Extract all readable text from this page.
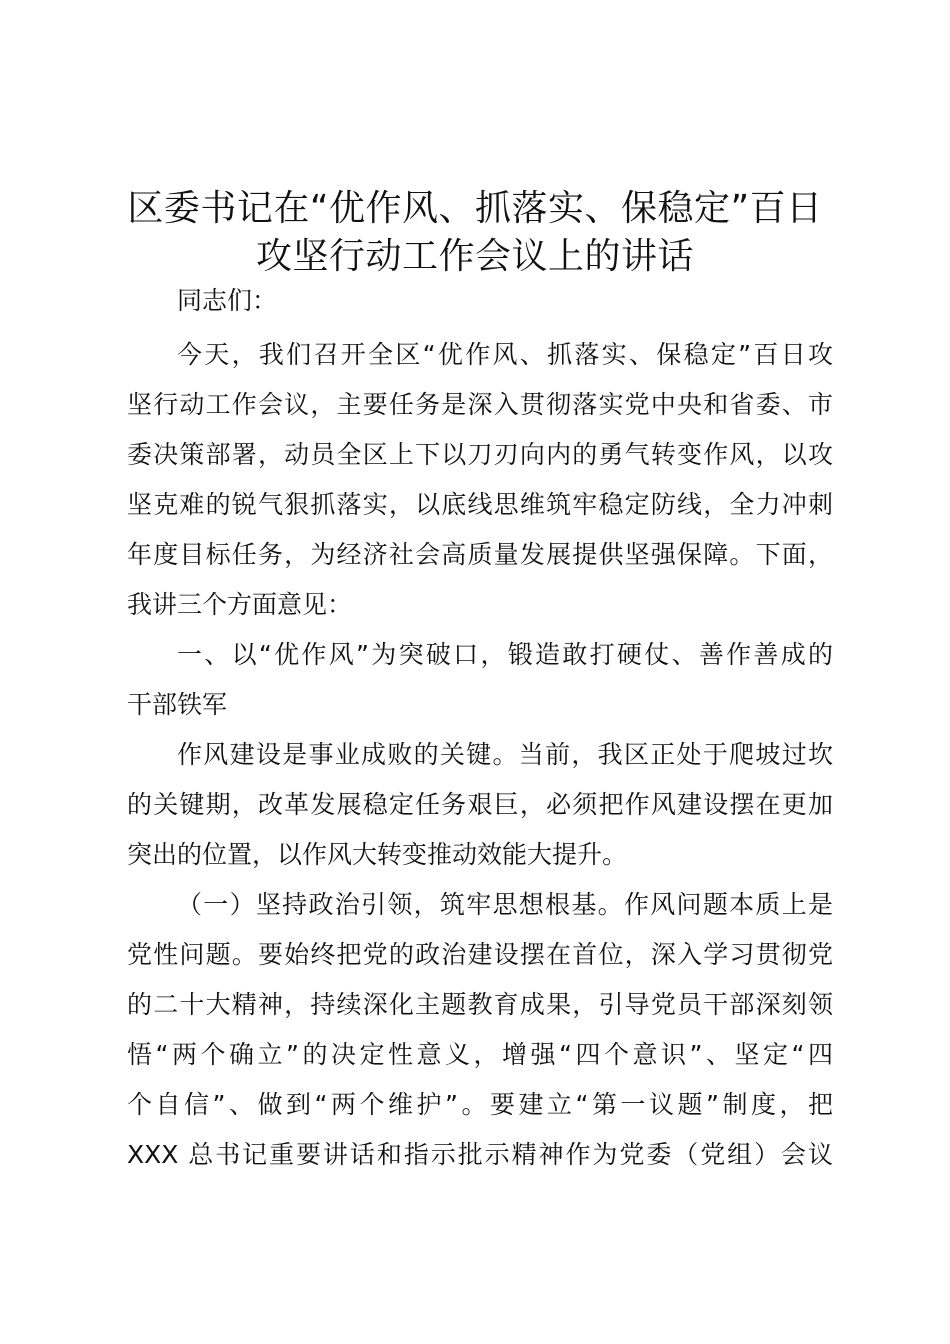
区委书记在“优作风、抓落实、保稳定”百日
攻坚行动工作会议上的讲话
同志们：
今天，我们召开全区“优作风、抓落实、保稳定”百日攻
坚行动工作会议，主要任务是深入贯彻落实党中央和省委、市
委决策部署，动员全区上下以刀刃向内的勇气转变作风，以攻
坚克难的锐气狠抓落实，以底线思维筑牢稳定防线，全力冲刺
年度目标任务，为经济社会高质量发展提供坚强保障。下面，
我讲三个方面意见：
一、以“优作风”为突破口，锻造敢打硬仗、善作善成的
干部铁军
作风建设是事业成败的关键。当前，我区正处于爬坡过坎
的关键期，改革发展稳定任务艰巨，必须把作风建设摆在更加
突出的位置，以作风大转变推动效能大提升。
（一）坚持政治引领，筑牢思想根基。作风问题本质上是
党性问题。要始终把党的政治建设摆在首位，深入学习贯彻党
的二十大精神，持续深化主题教育成果，引导党员干部深刻领
悟“两个确立”的决定性意义，增强“四个意识”、坚定“四
个自信”、做到“两个维护”。要建立“第一议题”制度，把
XXX 总书记重要讲话和指示批示精神作为党委（党组）会议
